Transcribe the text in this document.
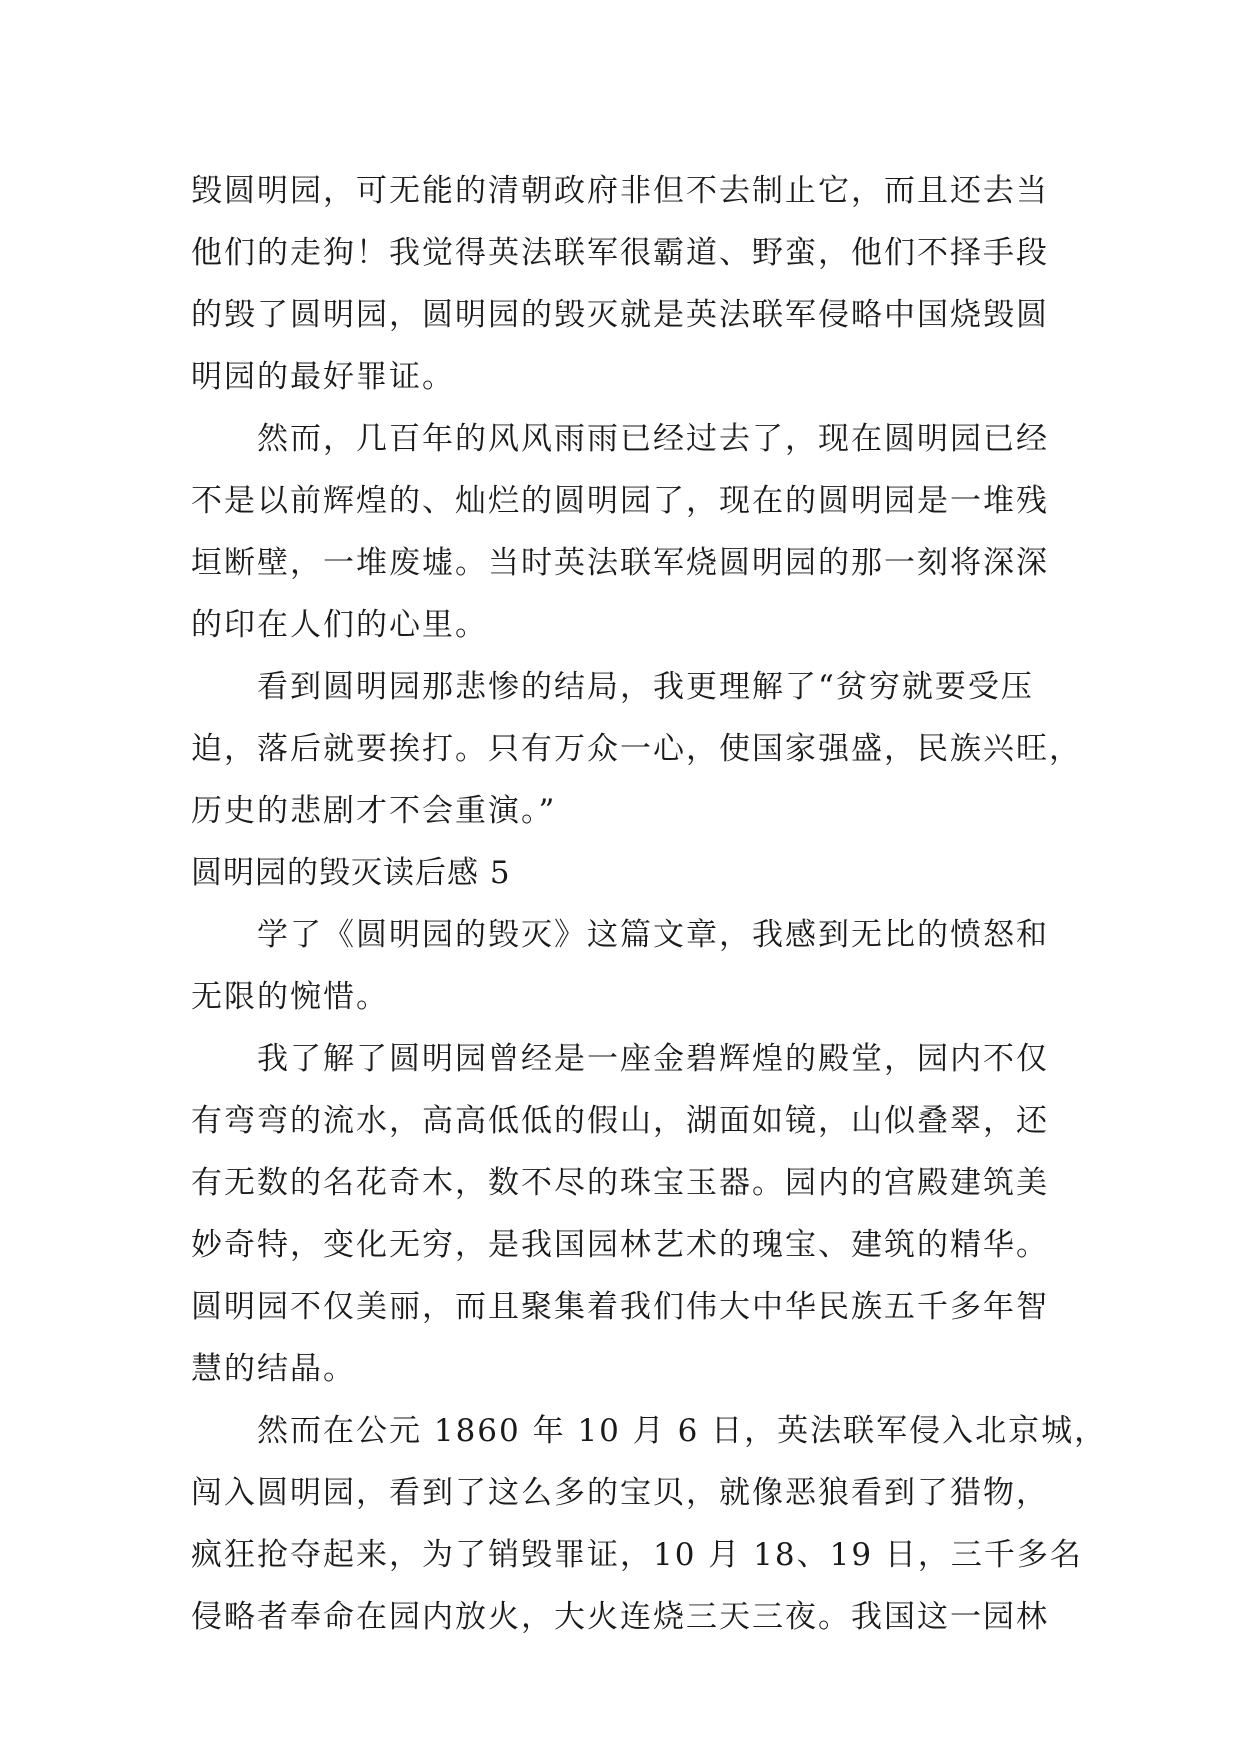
毁圆明园，可无能的清朝政府非但不去制止它，而且还去当
他们的走狗！我觉得英法联军很霸道、野蛮，他们不择手段
的毁了圆明园，圆明园的毁灭就是英法联军侵略中国烧毁圆
明园的最好罪证。
然而，几百年的风风雨雨已经过去了，现在圆明园已经
不是以前辉煌的、灿烂的圆明园了，现在的圆明园是一堆残
垣断壁，一堆废墟。当时英法联军烧圆明园的那一刻将深深
的印在人们的心里。
看到圆明园那悲惨的结局，我更理解了“贫穷就要受压
迫，落后就要挨打。只有万众一心，使国家强盛，民族兴旺，
历史的悲剧才不会重演。”
圆明园的毁灭读后感 5
学了《圆明园的毁灭》这篇文章，我感到无比的愤怒和
无限的惋惜。
我了解了圆明园曾经是一座金碧辉煌的殿堂，园内不仅
有弯弯的流水，高高低低的假山，湖面如镜，山似叠翠，还
有无数的名花奇木，数不尽的珠宝玉器。园内的宫殿建筑美
妙奇特，变化无穷，是我国园林艺术的瑰宝、建筑的精华。
圆明园不仅美丽，而且聚集着我们伟大中华民族五千多年智
慧的结晶。
然而在公元 1860 年 10 月 6 日，英法联军侵入北京城，
闯入圆明园，看到了这么多的宝贝，就像恶狼看到了猎物，
疯狂抢夺起来，为了销毁罪证，10 月 18、19 日，三千多名
侵略者奉命在园内放火，大火连烧三天三夜。我国这一园林
